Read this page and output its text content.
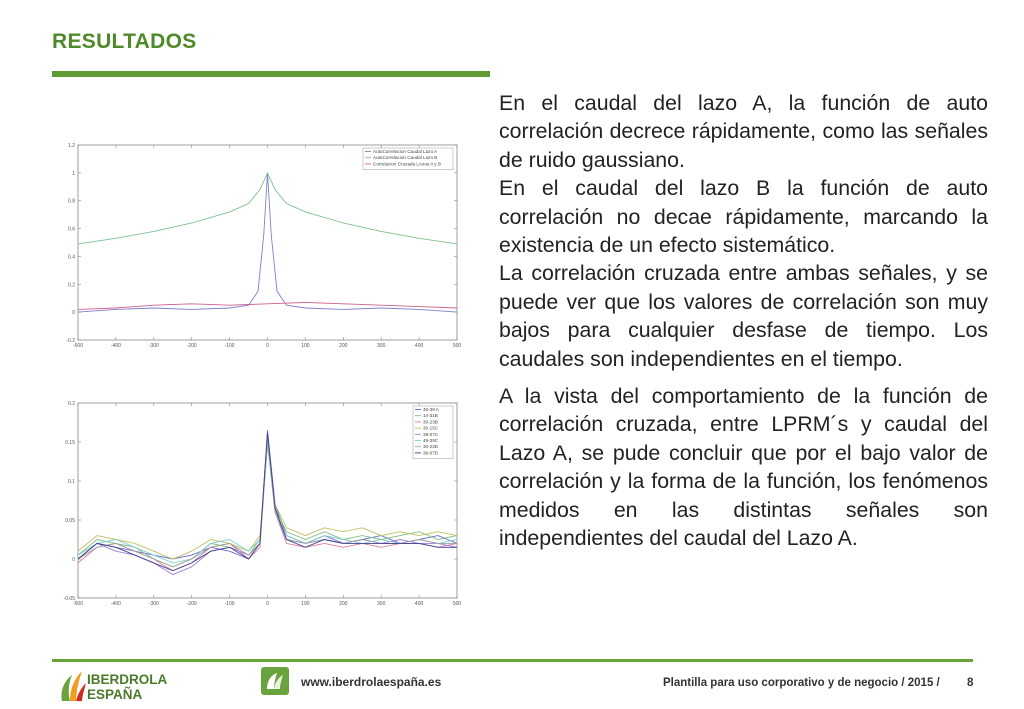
RESULTADOS
-500	-400	-300	-200	-100	0	100	200	300	400	500
-0.2
0
0.2
0.4
0.6
0.8
1
1.2
AutoCorrelacion Caudal Lazo A
AutoCorrelacion Caudal Lazo B
Correlacion Cruzada LAzos A y B
-500	-400	-300	-200	-100	0	100	200	300	400	500
-0.05
0
0.05
0.1
0.15
0.2
46-39 A
14-31B
30-23B
30-15C
38-07C
46-39C
30-23D
38-07D

En el caudal del lazo A, la función de auto correlación decrece rápidamente, como las señales de ruido gaussiano.

En el caudal del lazo B la función de auto correlación no decae rápidamente, marcando la existencia de un efecto sistemático.

La correlación cruzada entre ambas señales, y se puede ver que los valores de correlación son muy bajos para cualquier desfase de tiempo. Los caudales son independientes en el tiempo.

A la vista del comportamiento de la función de correlación cruzada, entre LPRM´s y caudal del Lazo A, se pude concluir que por el bajo valor de correlación y la forma de la función, los fenómenos medidos en las distintas señales son independientes del caudal del Lazo A.

IBERDROLA
ESPAÑA
www.iberdrolaespaña.es	Plantilla para uso corporativo y de negocio / 2015 / 8
